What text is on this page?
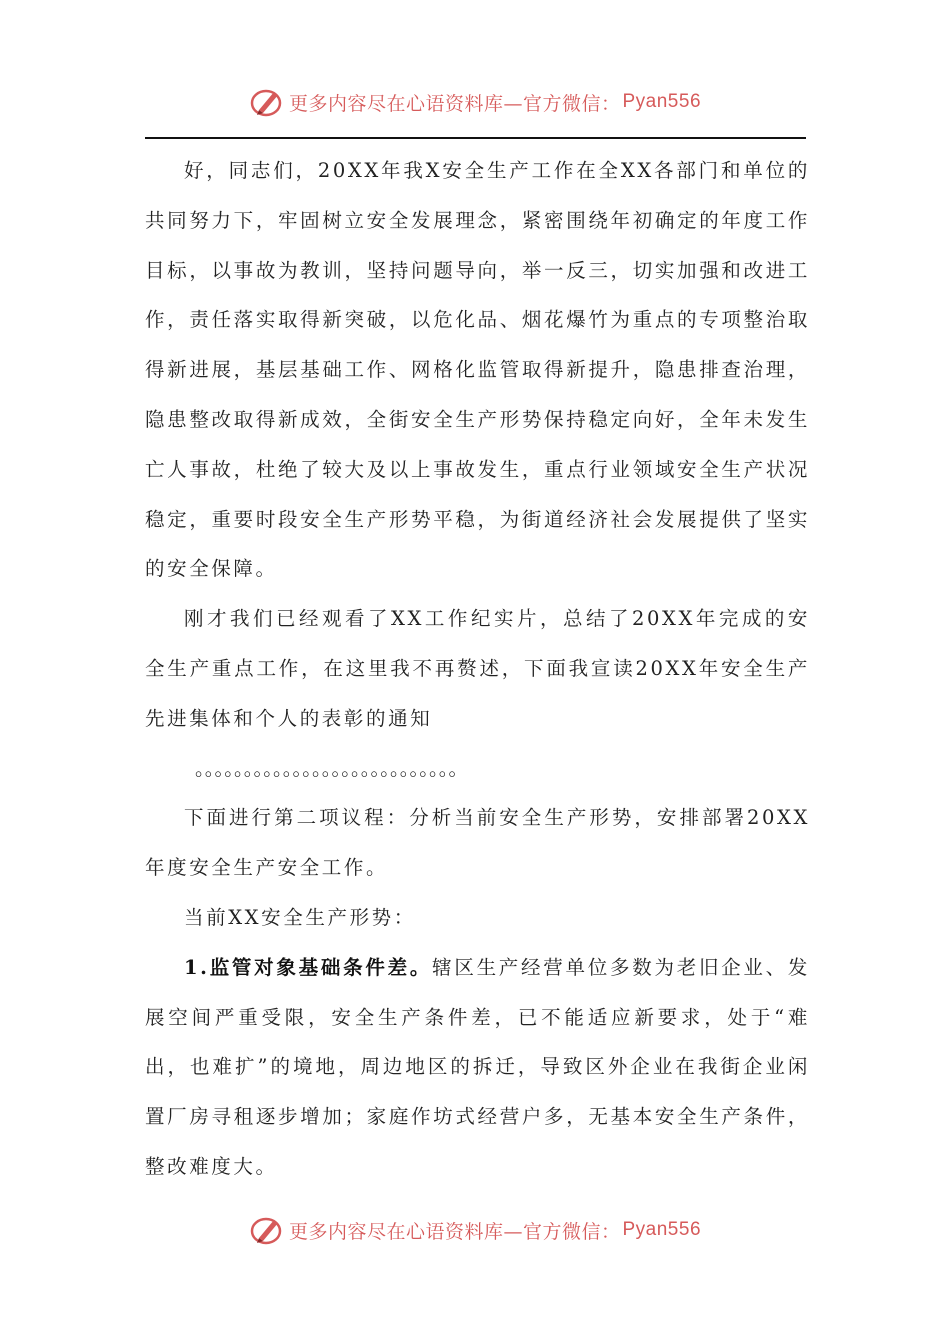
更多内容尽在心语资料库—官方微信： Pyan556

好，同志们，20XX年我X安全生产工作在全XX各部门和单位的共同努力下，牢固树立安全发展理念，紧密围绕年初确定的年度工作目标，以事故为教训，坚持问题导向，举一反三，切实加强和改进工作，责任落实取得新突破，以危化品、烟花爆竹为重点的专项整治取得新进展，基层基础工作、网格化监管取得新提升，隐患排查治理，隐患整改取得新成效，全街安全生产形势保持稳定向好，全年未发生亡人事故，杜绝了较大及以上事故发生，重点行业领域安全生产状况稳定，重要时段安全生产形势平稳，为街道经济社会发展提供了坚实的安全保障。

刚才我们已经观看了XX工作纪实片，总结了20XX年完成的安全生产重点工作，在这里我不再赘述，下面我宣读20XX年安全生产先进集体和个人的表彰的通知

。。。。。。。。。。。。。。。。。。。。。。。。。。。

下面进行第二项议程：分析当前安全生产形势，安排部署20XX年度安全生产安全工作。

当前XX安全生产形势：

1.监管对象基础条件差。辖区生产经营单位多数为老旧企业、发展空间严重受限，安全生产条件差，已不能适应新要求，处于“难出，也难扩”的境地，周边地区的拆迁，导致区外企业在我街企业闲置厂房寻租逐步增加；家庭作坊式经营户多，无基本安全生产条件，整改难度大。

更多内容尽在心语资料库—官方微信： Pyan556
